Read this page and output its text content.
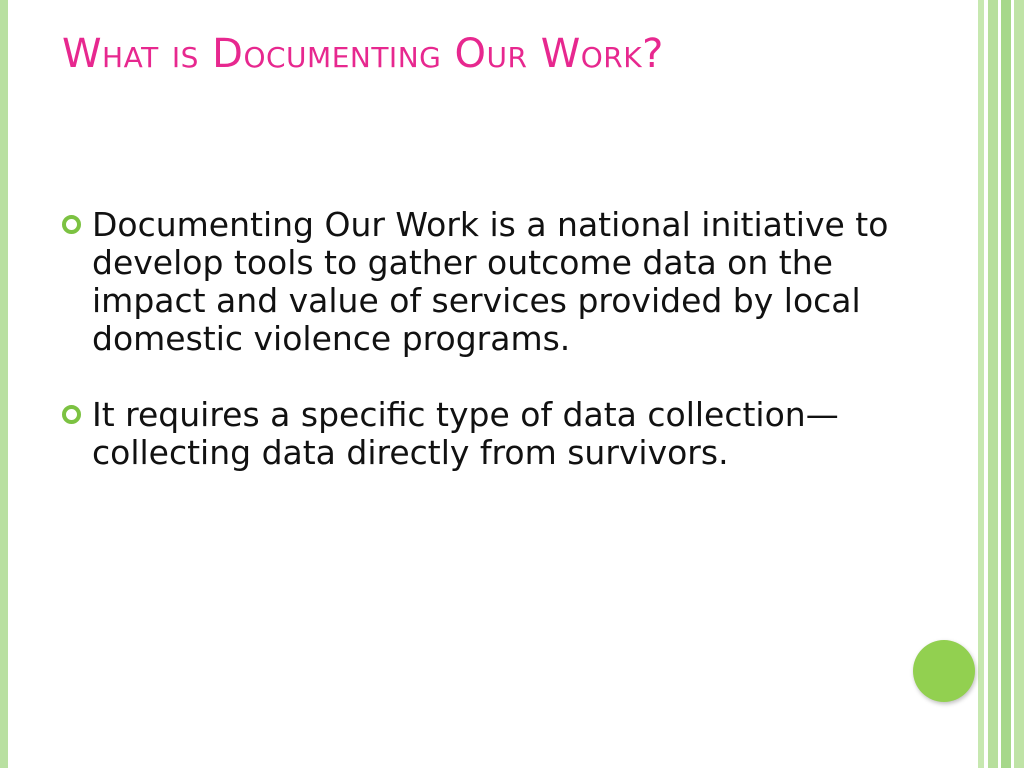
What is Documenting Our Work?
Documenting Our Work is a national initiative to develop tools to gather outcome data on the impact and value of services provided by local domestic violence programs.
It requires a specific type of data collection—collecting data directly from survivors.
